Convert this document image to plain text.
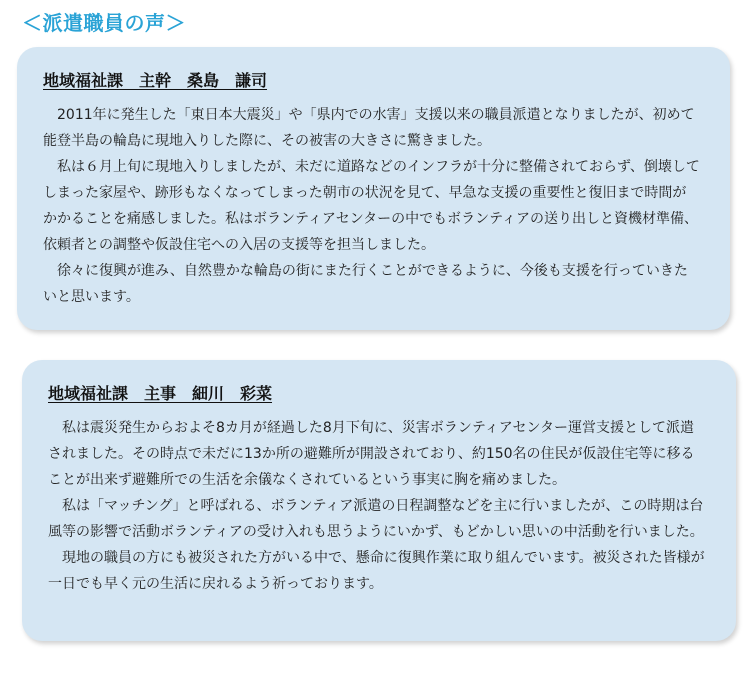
＜派遣職員の声＞
地域福祉課　主幹　桑島　謙司

2011年に発生した「東日本大震災」や「県内での水害」支援以来の職員派遣となりましたが、初めて能登半島の輪島に現地入りした際に、その被害の大きさに驚きました。

私は６月上旬に現地入りしましたが、未だに道路などのインフラが十分に整備されておらず、倒壊してしまった家屋や、跡形もなくなってしまった朝市の状況を見て、早急な支援の重要性と復旧まで時間がかかることを痛感しました。私はボランティアセンターの中でもボランティアの送り出しと資機材準備、依頼者との調整や仮設住宅への入居の支援等を担当しました。

徐々に復興が進み、自然豊かな輪島の街にまた行くことができるように、今後も支援を行っていきたいと思います。

地域福祉課　主事　細川　彩菜

私は震災発生からおよそ8カ月が経過した8月下旬に、災害ボランティアセンター運営支援として派遣されました。その時点で未だに13か所の避難所が開設されており、約150名の住民が仮設住宅等に移ることが出来ず避難所での生活を余儀なくされているという事実に胸を痛めました。

私は「マッチング」と呼ばれる、ボランティア派遣の日程調整などを主に行いましたが、この時期は台風等の影響で活動ボランティアの受け入れも思うようにいかず、もどかしい思いの中活動を行いました。

現地の職員の方にも被災された方がいる中で、懸命に復興作業に取り組んでいます。被災された皆様が一日でも早く元の生活に戻れるよう祈っております。
